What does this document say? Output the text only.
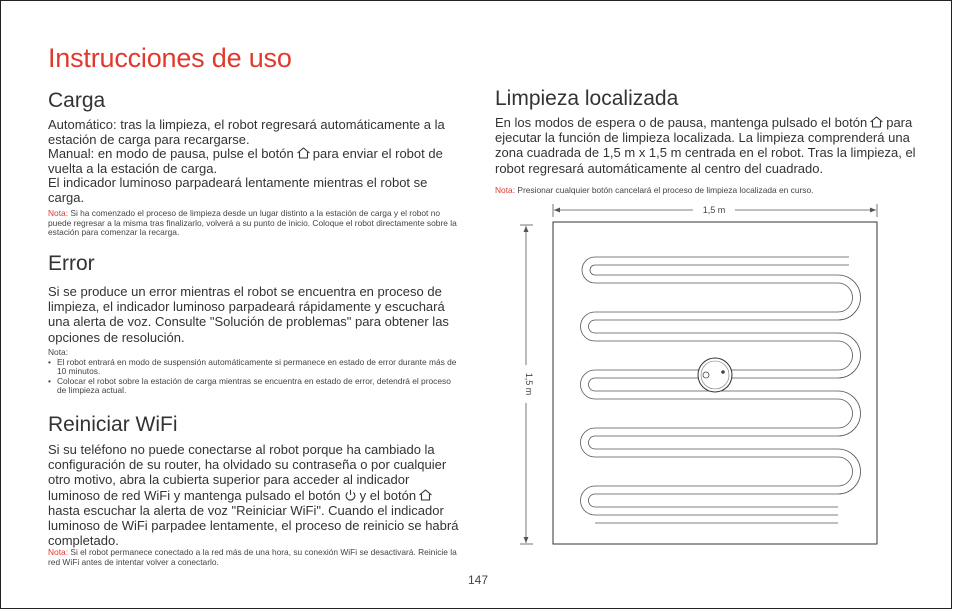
Instrucciones de uso
Carga

Automático: tras la limpieza, el robot regresará automáticamente a la estación de carga para recargarse.

Manual: en modo de pausa, pulse el botón para enviar el robot de vuelta a la estación de carga.

El indicador luminoso parpadeará lentamente mientras el robot se carga.

Nota: Si ha comenzado el proceso de limpieza desde un lugar distinto a la estación de carga y el robot no puede regresar a la misma tras finalizarlo, volverá a su punto de inicio. Coloque el robot directamente sobre la estación para comenzar la recarga.

Error

Si se produce un error mientras el robot se encuentra en proceso de limpieza, el indicador luminoso parpadeará rápidamente y escuchará una alerta de voz. Consulte "Solución de problemas" para obtener las opciones de resolución.

Nota:
• El robot entrará en modo de suspensión automáticamente si permanece en estado de error durante más de 10 minutos.
• Colocar el robot sobre la estación de carga mientras se encuentra en estado de error, detendrá el proceso de limpieza actual.
Reiniciar WiFi

Si su teléfono no puede conectarse al robot porque ha cambiado la configuración de su router, ha olvidado su contraseña o por cualquier otro motivo, abra la cubierta superior para acceder al indicador luminoso de red WiFi y mantenga pulsado el botón y el botón
hasta escuchar la alerta de voz "Reiniciar WiFi". Cuando el indicador luminoso de WiFi parpadee lentamente, el proceso de reinicio se habrá completado.

Nota: Si el robot permanece conectado a la red más de una hora, su conexión WiFi se desactivará. Reinicie la red WiFi antes de intentar volver a conectarlo.

Limpieza localizada

En los modos de espera o de pausa, mantenga pulsado el botón para ejecutar la función de limpieza localizada. La limpieza comprenderá una zona cuadrada de 1,5 m x 1,5 m centrada en el robot. Tras la limpieza, el robot regresará automáticamente al centro del cuadrado.

Nota: Presionar cualquier botón cancelará el proceso de limpieza localizada en curso.

1,5 m
1,5 m
147
